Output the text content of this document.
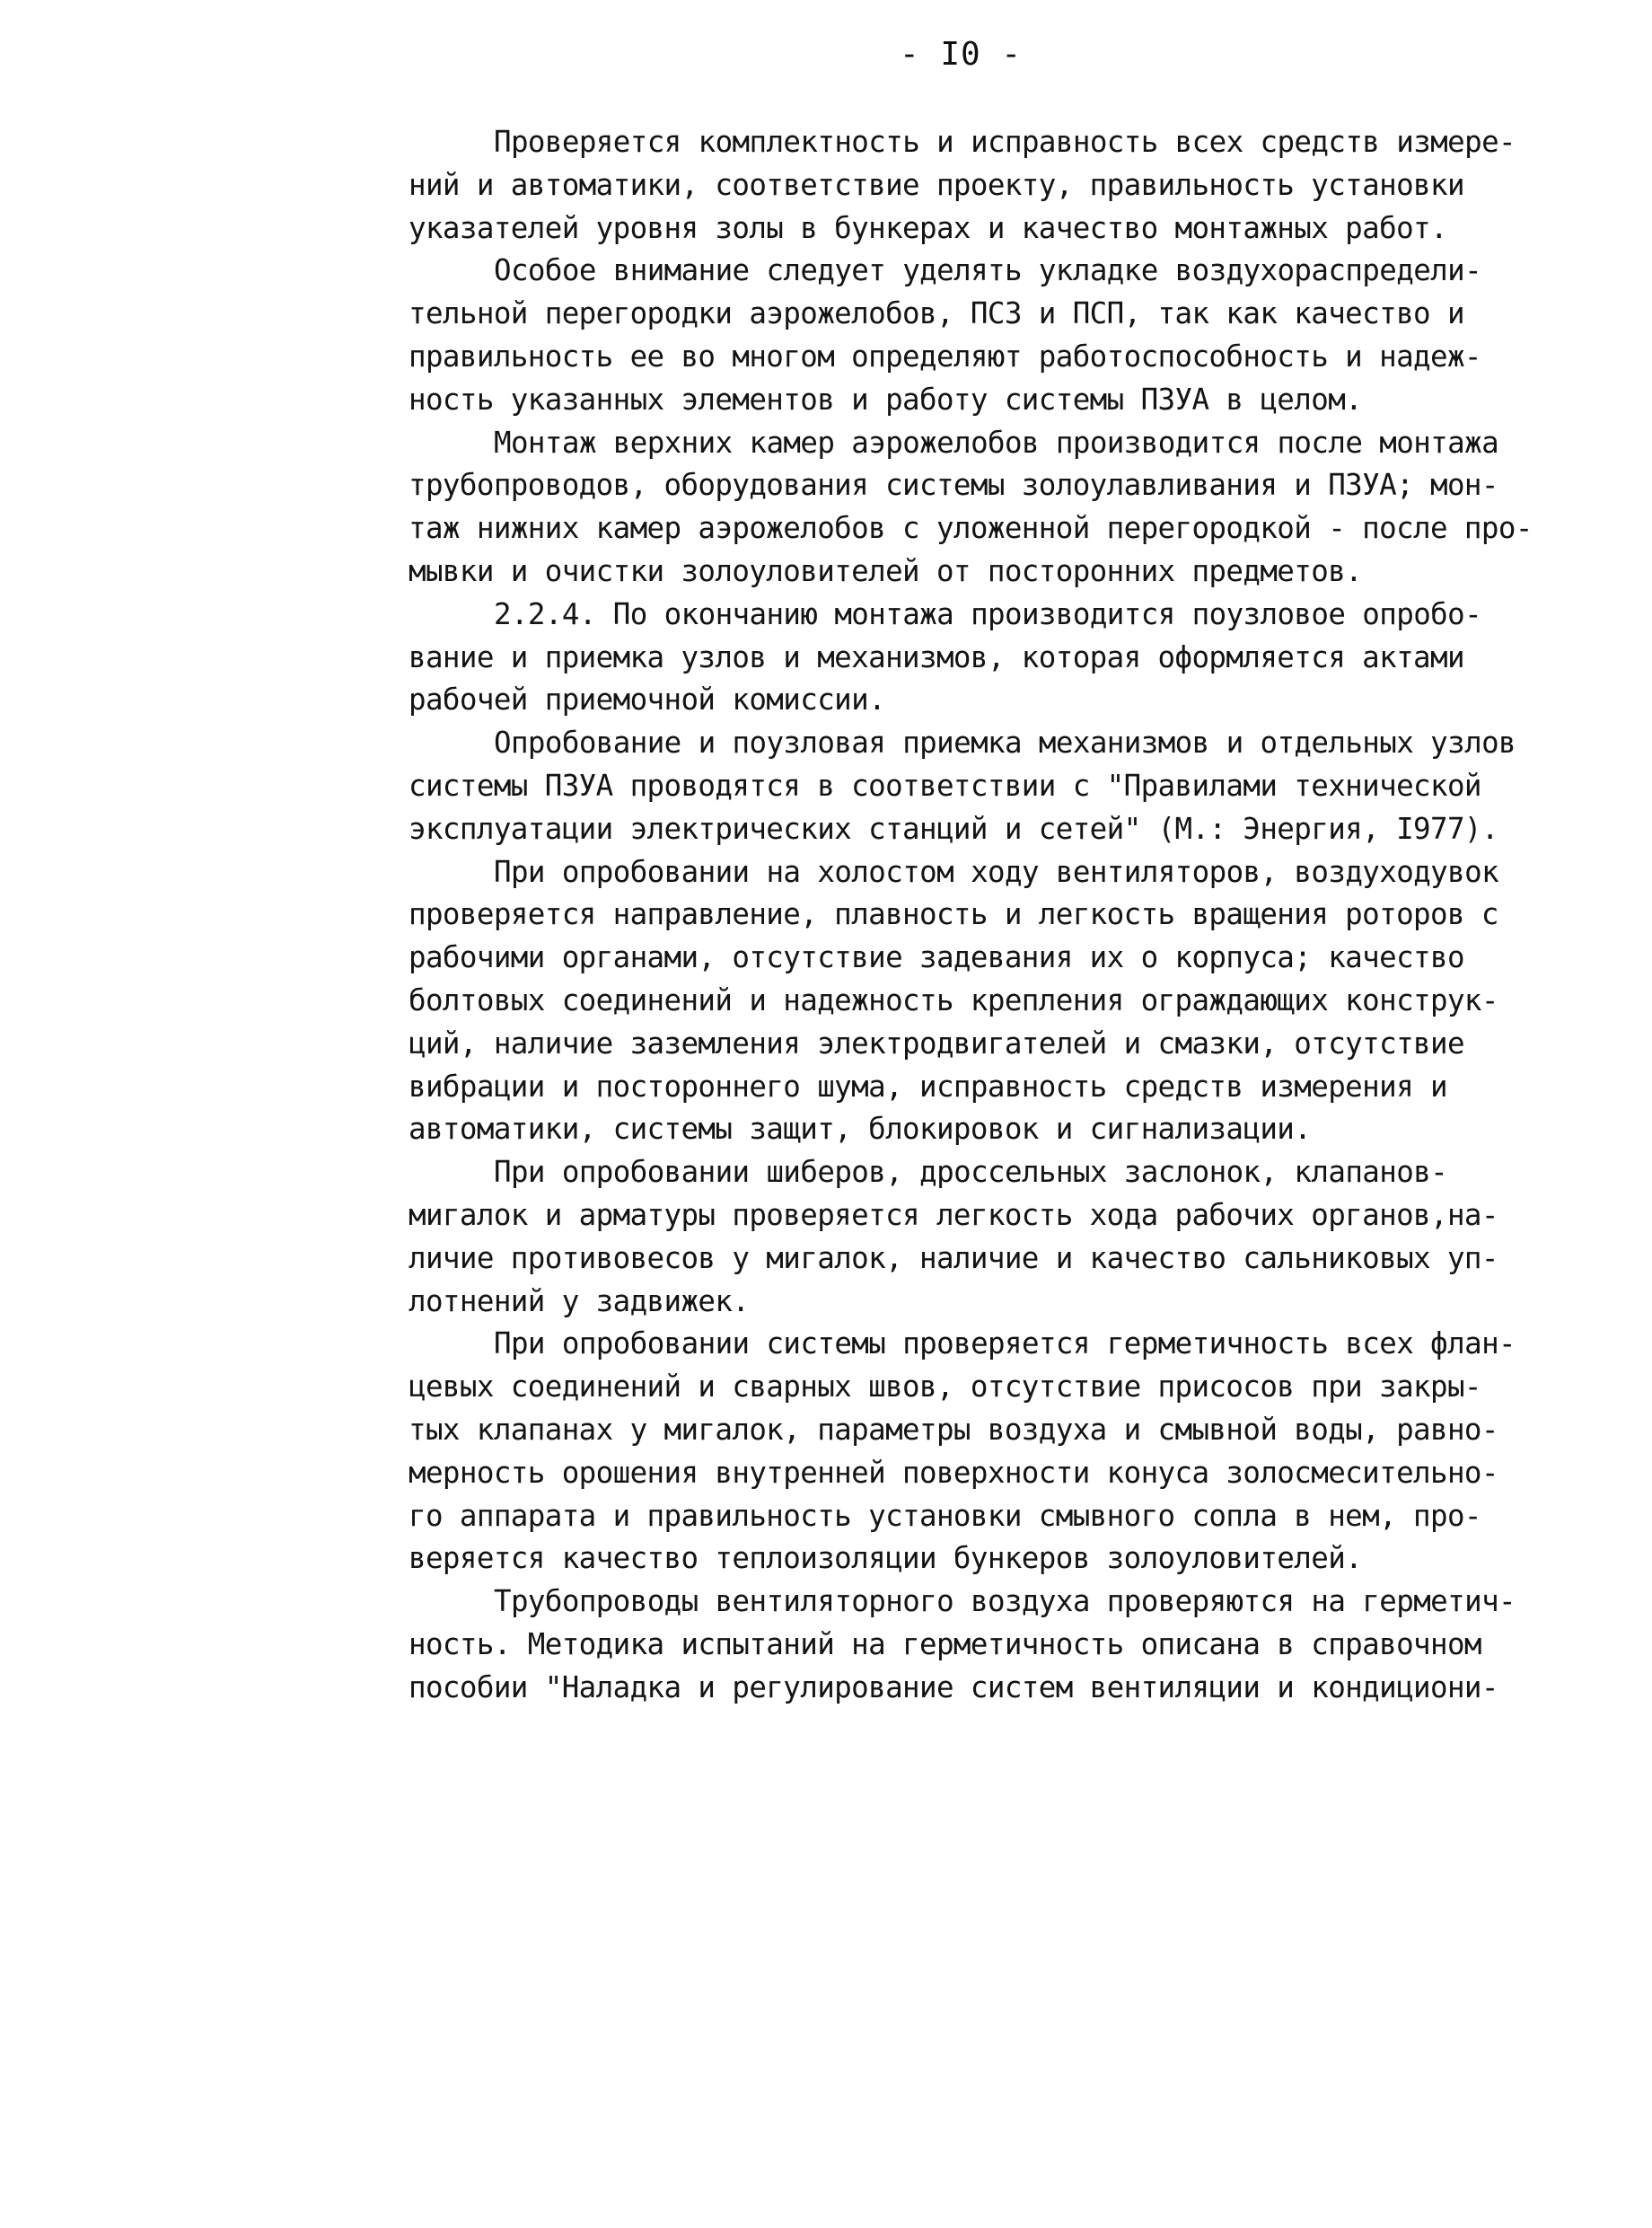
- I0 -
Проверяется комплектность и исправность всех средств измере-
ний и автоматики, соответствие проекту, правильность установки
указателей уровня золы в бункерах и качество монтажных работ.
Особое внимание следует уделять укладке воздухораспредели-
тельной перегородки аэрожелобов, ПСЗ и ПСП, так как качество и
правильность ее во многом определяют работоспособность и надеж-
ность указанных элементов и работу системы ПЗУА в целом.
Монтаж верхних камер аэрожелобов производится после монтажа
трубопроводов, оборудования системы золоулавливания и ПЗУА; мон-
таж нижних камер аэрожелобов с уложенной перегородкой - после про-
мывки и очистки золоуловителей от посторонних предметов.
2.2.4. По окончанию монтажа производится поузловое опробо-
вание и приемка узлов и механизмов, которая оформляется актами
рабочей приемочной комиссии.
Опробование и поузловая приемка механизмов и отдельных узлов
системы ПЗУА проводятся в соответствии с "Правилами технической
эксплуатации электрических станций и сетей" (М.: Энергия, I977).
При опробовании на холостом ходу вентиляторов, воздуходувок
проверяется направление, плавность и легкость вращения роторов с
рабочими органами, отсутствие задевания их о корпуса; качество
болтовых соединений и надежность крепления ограждающих конструк-
ций, наличие заземления электродвигателей и смазки, отсутствие
вибрации и постороннего шума, исправность средств измерения и
автоматики, системы защит, блокировок и сигнализации.
При опробовании шиберов, дроссельных заслонок, клапанов-
мигалок и арматуры проверяется легкость хода рабочих органов,на-
личие противовесов у мигалок, наличие и качество сальниковых уп-
лотнений у задвижек.
При опробовании системы проверяется герметичность всех флан-
цевых соединений и сварных швов, отсутствие присосов при закры-
тых клапанах у мигалок, параметры воздуха и смывной воды, равно-
мерность орошения внутренней поверхности конуса золосмесительно-
го аппарата и правильность установки смывного сопла в нем, про-
веряется качество теплоизоляции бункеров золоуловителей.
Трубопроводы вентиляторного воздуха проверяются на герметич-
ность. Методика испытаний на герметичность описана в справочном
пособии "Наладка и регулирование систем вентиляции и кондициони-
